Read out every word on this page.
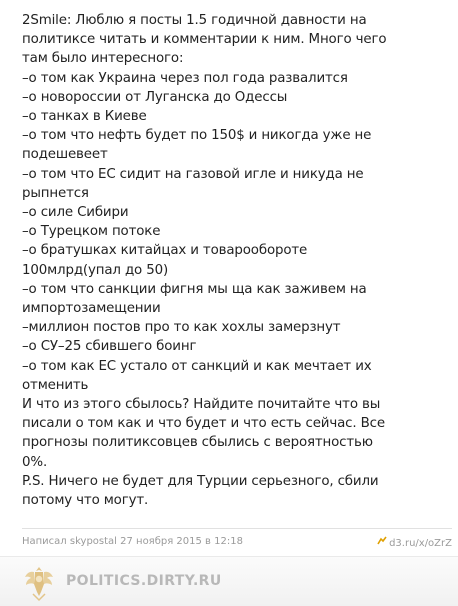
2Smile: Люблю я посты 1.5 годичной давности на
политиксе читать и комментарии к ним. Много чего
там было интересного:
–о том как Украина через пол года развалится
–о новороссии от Луганска до Одессы
–о танках в Киеве
–о том что нефть будет по 150$ и никогда уже не
подешевеет
–о том что ЕС сидит на газовой игле и никуда не
рыпнется
–о силе Сибири
–о Турецком потоке
–о братушках китайцах и товарообороте
100млрд(упал до 50)
–о том что санкции фигня мы ща как заживем на
импортозамещении
–миллион постов про то как хохлы замерзнут
–о СУ–25 сбившего боинг
–о том как ЕС устало от санкций и как мечтает их
отменить
И что из этого сбылось? Найдите почитайте что вы
писали о том как и что будет и что есть сейчас. Все
прогнозы политиксовцев сбылись с вероятностью
0%.
P.S. Ничего не будет для Турции серьезного, сбили
потому что могут.
Написал skypostal 27 ноября 2015 в 12:18	d3.ru/x/oZrZ
POLITICS.DIRTY.RU
